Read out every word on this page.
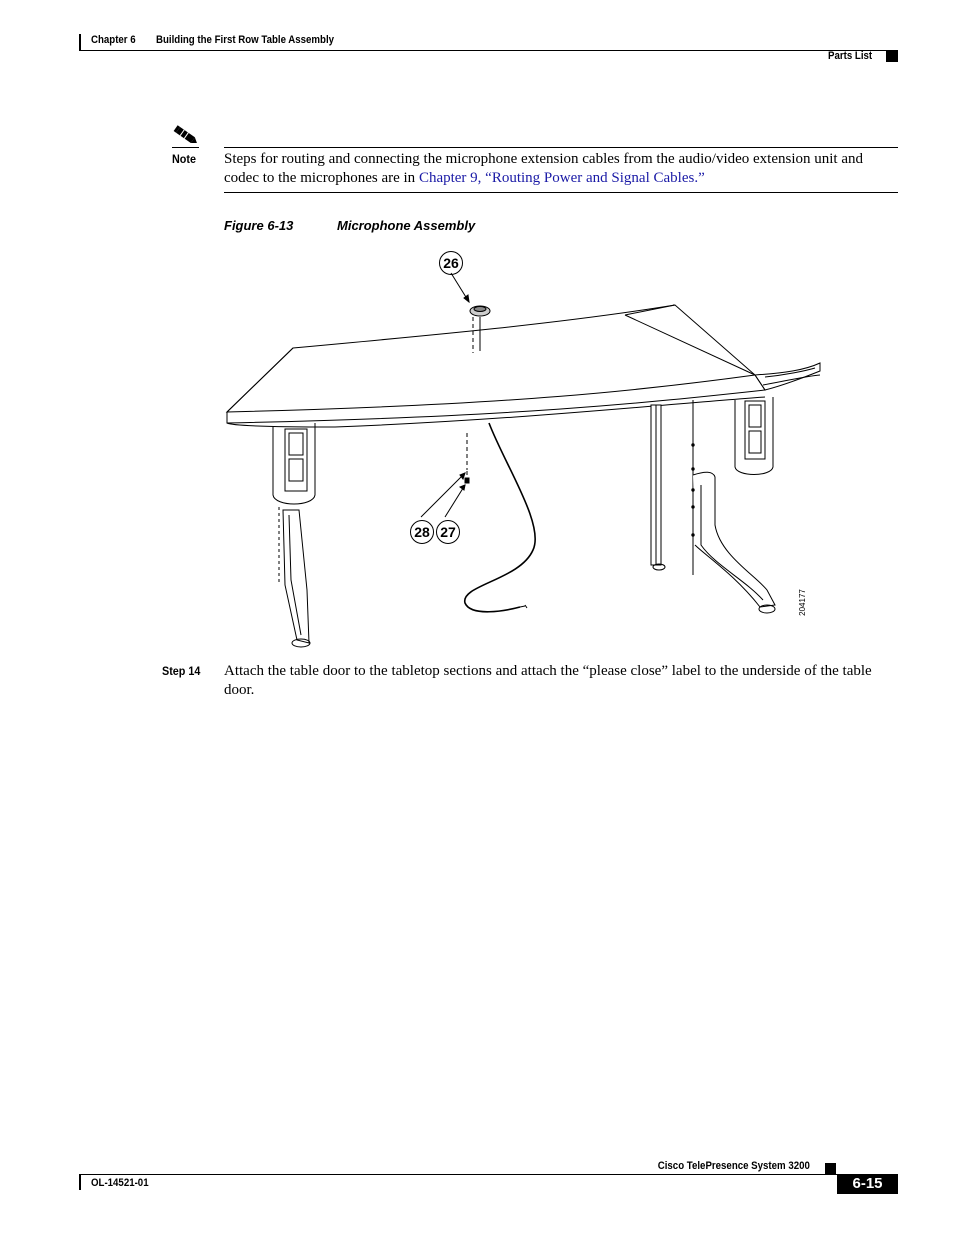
Chapter 6 Building the First Row Table Assembly
Parts List
Note Steps for routing and connecting the microphone extension cables from the audio/video extension unit and codec to the microphones are in Chapter 9, “Routing Power and Signal Cables.”
Figure 6-13	Microphone Assembly
26
28 27
204177
Step 14 Attach the table door to the tabletop sections and attach the “please close” label to the underside of the table door.
Cisco TelePresence System 3200
OL-14521-01	6-15
